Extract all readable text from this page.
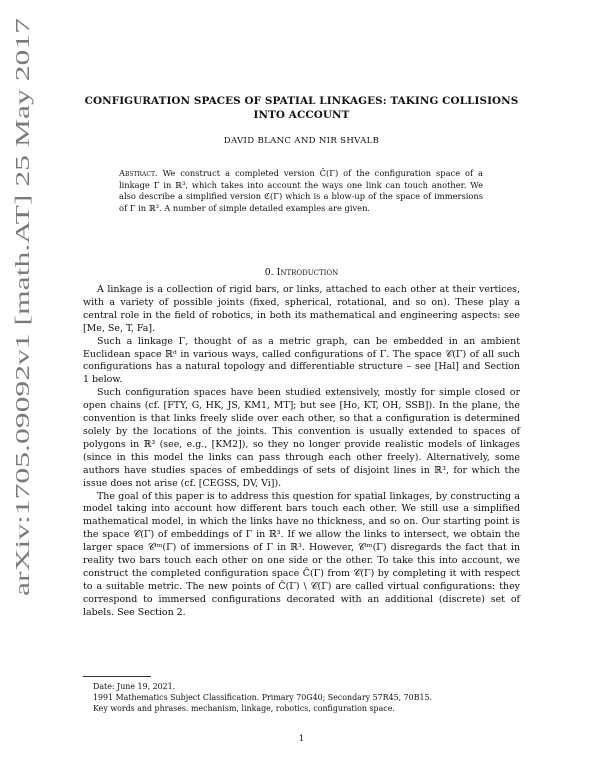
arXiv:1705.09092v1 [math.AT] 25 May 2017
CONFIGURATION SPACES OF SPATIAL LINKAGES: TAKING COLLISIONS INTO ACCOUNT
DAVID BLANC AND NIR SHVALB
Abstract. We construct a completed version Ĉ(Γ) of the configuration space of a linkage Γ in ℝ³, which takes into account the ways one link can touch another. We also describe a simplified version ℭ(Γ) which is a blow-up of the space of immersions of Γ in ℝ³. A number of simple detailed examples are given.
0. Introduction

A linkage is a collection of rigid bars, or links, attached to each other at their vertices, with a variety of possible joints (fixed, spherical, rotational, and so on). These play a central role in the field of robotics, in both its mathematical and engineering aspects: see [Me, Se, T, Fa].

Such a linkage Γ, thought of as a metric graph, can be embedded in an ambient Euclidean space ℝᵈ in various ways, called configurations of Γ. The space 𝒞(Γ) of all such configurations has a natural topology and differentiable structure – see [Hal] and Section 1 below.

Such configuration spaces have been studied extensively, mostly for simple closed or open chains (cf. [FTY, G, HK, JS, KM1, MT]; but see [Ho, KT, OH, SSB]). In the plane, the convention is that links freely slide over each other, so that a configuration is determined solely by the locations of the joints. This convention is usually extended to spaces of polygons in ℝ³ (see, e.g., [KM2]), so they no longer provide realistic models of linkages (since in this model the links can pass through each other freely). Alternatively, some authors have studies spaces of embeddings of sets of disjoint lines in ℝ³, for which the issue does not arise (cf. [CEGSS, DV, Vi]).

The goal of this paper is to address this question for spatial linkages, by constructing a model taking into account how different bars touch each other. We still use a simplified mathematical model, in which the links have no thickness, and so on. Our starting point is the space 𝒞(Γ) of embeddings of Γ in ℝ³. If we allow the links to intersect, we obtain the larger space 𝒞ⁱᵐ(Γ) of immersions of Γ in ℝ³. However, 𝒞ⁱᵐ(Γ) disregards the fact that in reality two bars touch each other on one side or the other. To take this into account, we construct the completed configuration space Ĉ(Γ) from 𝒞(Γ) by completing it with respect to a suitable metric. The new points of Ĉ(Γ) \ 𝒞(Γ) are called virtual configurations: they correspond to immersed configurations decorated with an additional (discrete) set of labels. See Section 2.

Date: June 19, 2021.
1991 Mathematics Subject Classification. Primary 70G40; Secondary 57R45, 70B15.
Key words and phrases. mechanism, linkage, robotics, configuration space.
1
